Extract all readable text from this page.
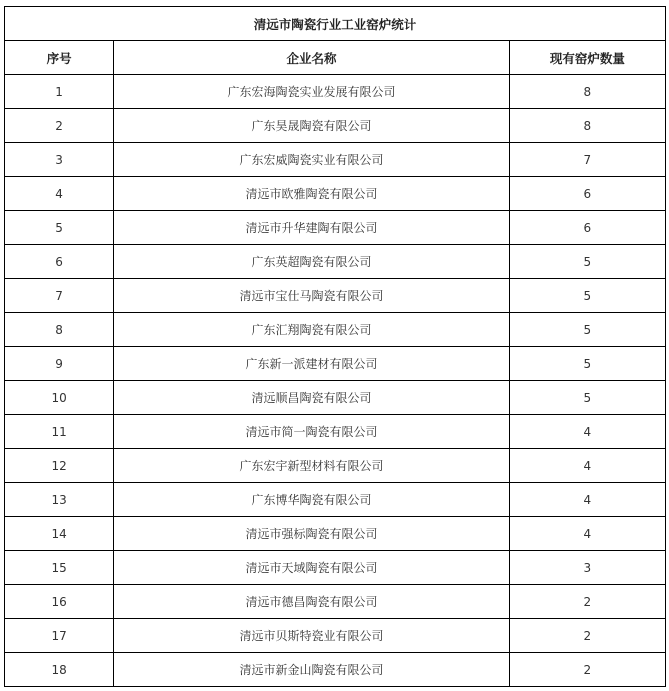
清远市陶瓷行业工业窑炉统计		
序号	企业名称	现有窑炉数量
1	广东宏海陶瓷实业发展有限公司	8
2	广东昊晟陶瓷有限公司	8
3	广东宏威陶瓷实业有限公司	7
4	清远市欧雅陶瓷有限公司	6
5	清远市升华建陶有限公司	6
6	广东英超陶瓷有限公司	5
7	清远市宝仕马陶瓷有限公司	5
8	广东汇翔陶瓷有限公司	5
9	广东新一派建材有限公司	5
10	清远顺昌陶瓷有限公司	5
11	清远市简一陶瓷有限公司	4
12	广东宏宇新型材料有限公司	4
13	广东博华陶瓷有限公司	4
14	清远市强标陶瓷有限公司	4
15	清远市天域陶瓷有限公司	3
16	清远市德昌陶瓷有限公司	2
17	清远市贝斯特瓷业有限公司	2
18	清远市新金山陶瓷有限公司	2
